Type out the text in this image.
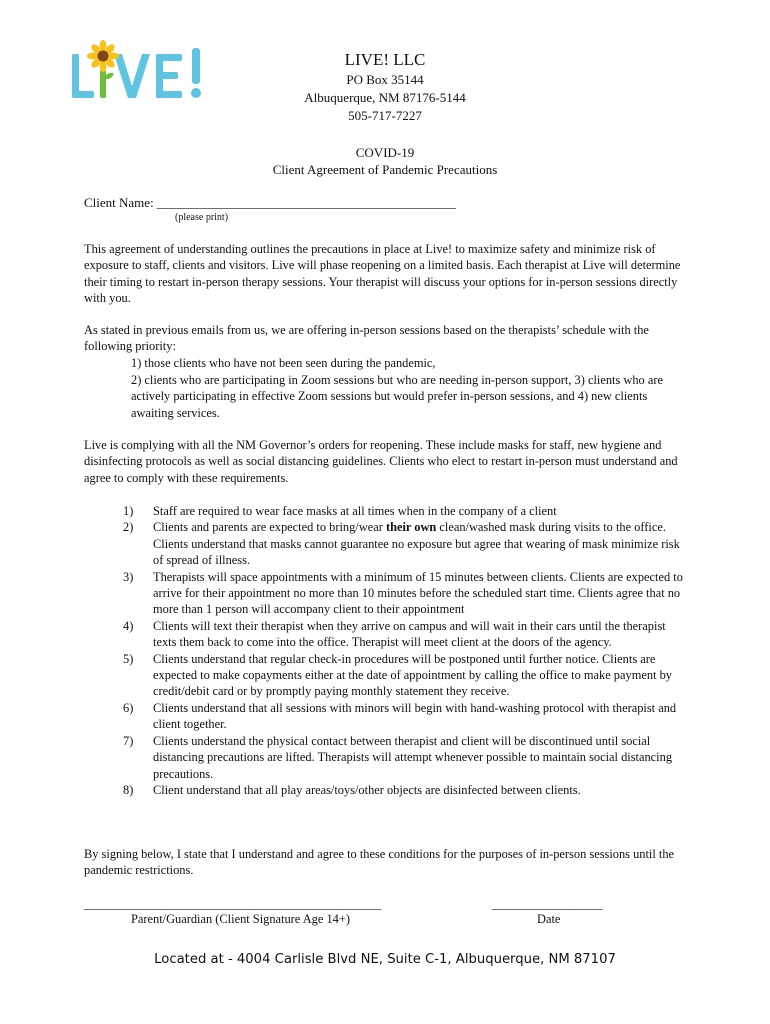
LIVE! LLC
PO Box 35144
Albuquerque, NM 87176-5144
505-717-7227
COVID-19
Client Agreement of Pandemic Precautions
Client Name: ______________________________________________
(please print)

This agreement of understanding outlines the precautions in place at Live! to maximize safety and minimize risk of exposure to staff, clients and visitors. Live will phase reopening on a limited basis. Each therapist at Live will determine their timing to restart in-person therapy sessions. Your therapist will discuss your options for in-person sessions directly with you.

As stated in previous emails from us, we are offering in-person sessions based on the therapists’ schedule with the following priority:

1) those clients who have not been seen during the pandemic,
2) clients who are participating in Zoom sessions but who are needing in-person support, 3) clients who are actively participating in effective Zoom sessions but would prefer in-person sessions, and 4) new clients awaiting services.

Live is complying with all the NM Governor’s orders for reopening. These include masks for staff, new hygiene and disinfecting protocols as well as social distancing guidelines. Clients who elect to restart in-person must understand and agree to comply with these requirements.

1) Staff are required to wear face masks at all times when in the company of a client
2) Clients and parents are expected to bring/wear their own clean/washed mask during visits to the office. Clients understand that masks cannot guarantee no exposure but agree that wearing of mask minimize risk of spread of illness.
3) Therapists will space appointments with a minimum of 15 minutes between clients. Clients are expected to arrive for their appointment no more than 10 minutes before the scheduled start time. Clients agree that no more than 1 person will accompany client to their appointment
4) Clients will text their therapist when they arrive on campus and will wait in their cars until the therapist texts them back to come into the office. Therapist will meet client at the doors of the agency.
5) Clients understand that regular check-in procedures will be postponed until further notice. Clients are expected to make copayments either at the date of appointment by calling the office to make payment by credit/debit card or by promptly paying monthly statement they receive.
6) Clients understand that all sessions with minors will begin with hand-washing protocol with therapist and client together.
7) Clients understand the physical contact between therapist and client will be discontinued until social distancing precautions are lifted. Therapists will attempt whenever possible to maintain social distancing precautions.
8) Client understand that all play areas/toys/other objects are disinfected between clients.

By signing below, I state that I understand and agree to these conditions for the purposes of in-person sessions until the pandemic restrictions.

______________________________________________________	____________________
Parent/Guardian (Client Signature Age 14+)	Date
Located at - 4004 Carlisle Blvd NE, Suite C-1, Albuquerque, NM 87107
